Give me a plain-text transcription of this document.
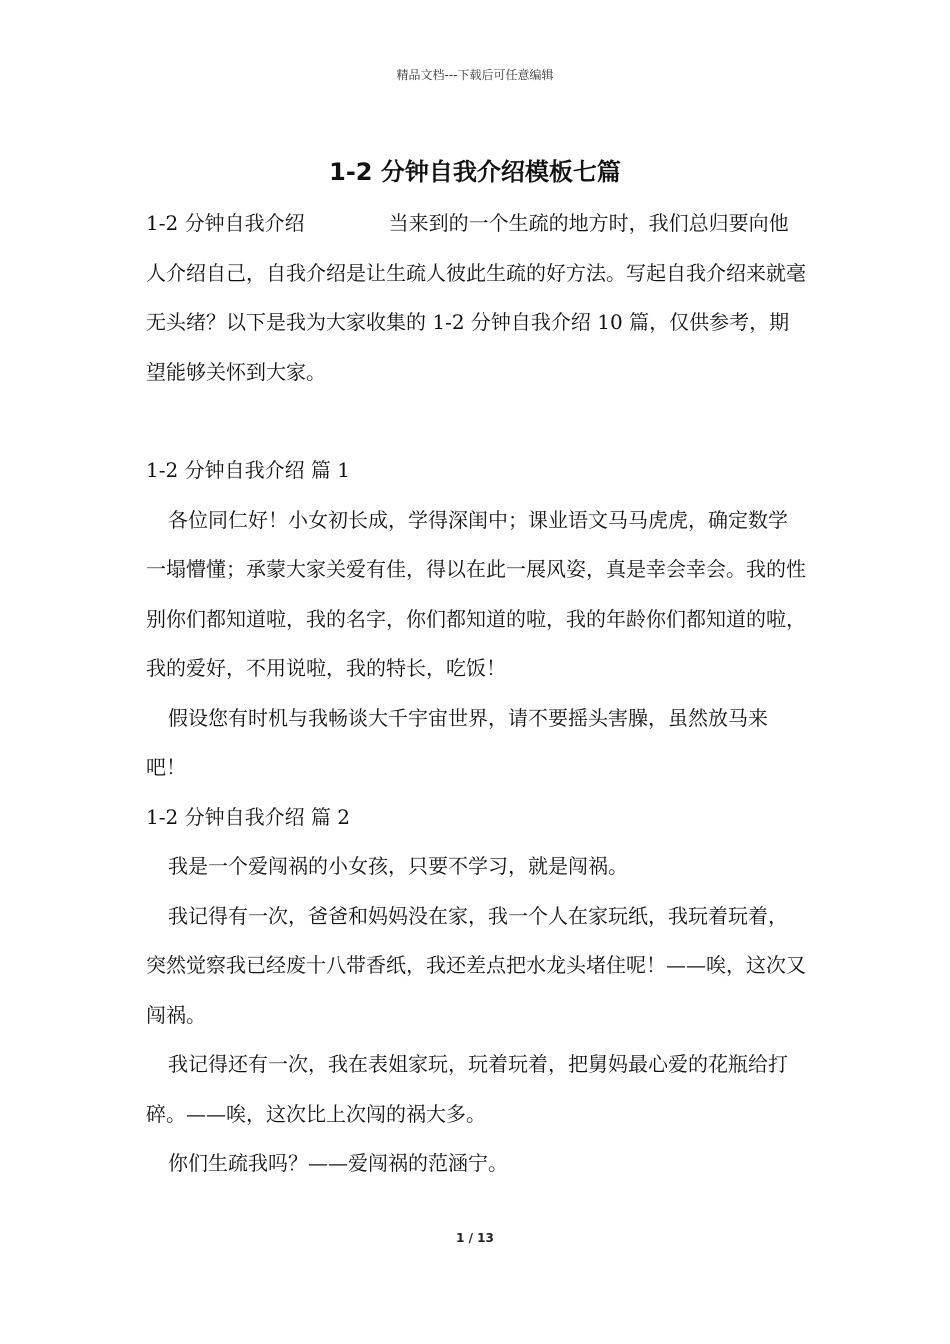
精品文档---下载后可任意编辑
1-2 分钟自我介绍模板七篇

1-2 分钟自我介绍	当来到的一个生疏的地方时，我们总归要向他人介绍自己，自我介绍是让生疏人彼此生疏的好方法。写起自我介绍来就毫无头绪？以下是我为大家收集的 1-2 分钟自我介绍 10 篇，仅供参考，期望能够关怀到大家。

1-2 分钟自我介绍 篇 1

各位同仁好！小女初长成，学得深闺中；课业语文马马虎虎，确定数学一塌懵懂；承蒙大家关爱有佳，得以在此一展风姿，真是幸会幸会。我的性别你们都知道啦，我的名字，你们都知道的啦，我的年龄你们都知道的啦，我的爱好，不用说啦，我的特长，吃饭！

假设您有时机与我畅谈大千宇宙世界，请不要摇头害臊，虽然放马来吧！

1-2 分钟自我介绍 篇 2

我是一个爱闯祸的小女孩，只要不学习，就是闯祸。

我记得有一次，爸爸和妈妈没在家，我一个人在家玩纸，我玩着玩着，突然觉察我已经废十八带香纸，我还差点把水龙头堵住呢！——唉，这次又闯祸。

我记得还有一次，我在表姐家玩，玩着玩着，把舅妈最心爱的花瓶给打碎。——唉，这次比上次闯的祸大多。

你们生疏我吗？——爱闯祸的范涵宁。

1 / 13
